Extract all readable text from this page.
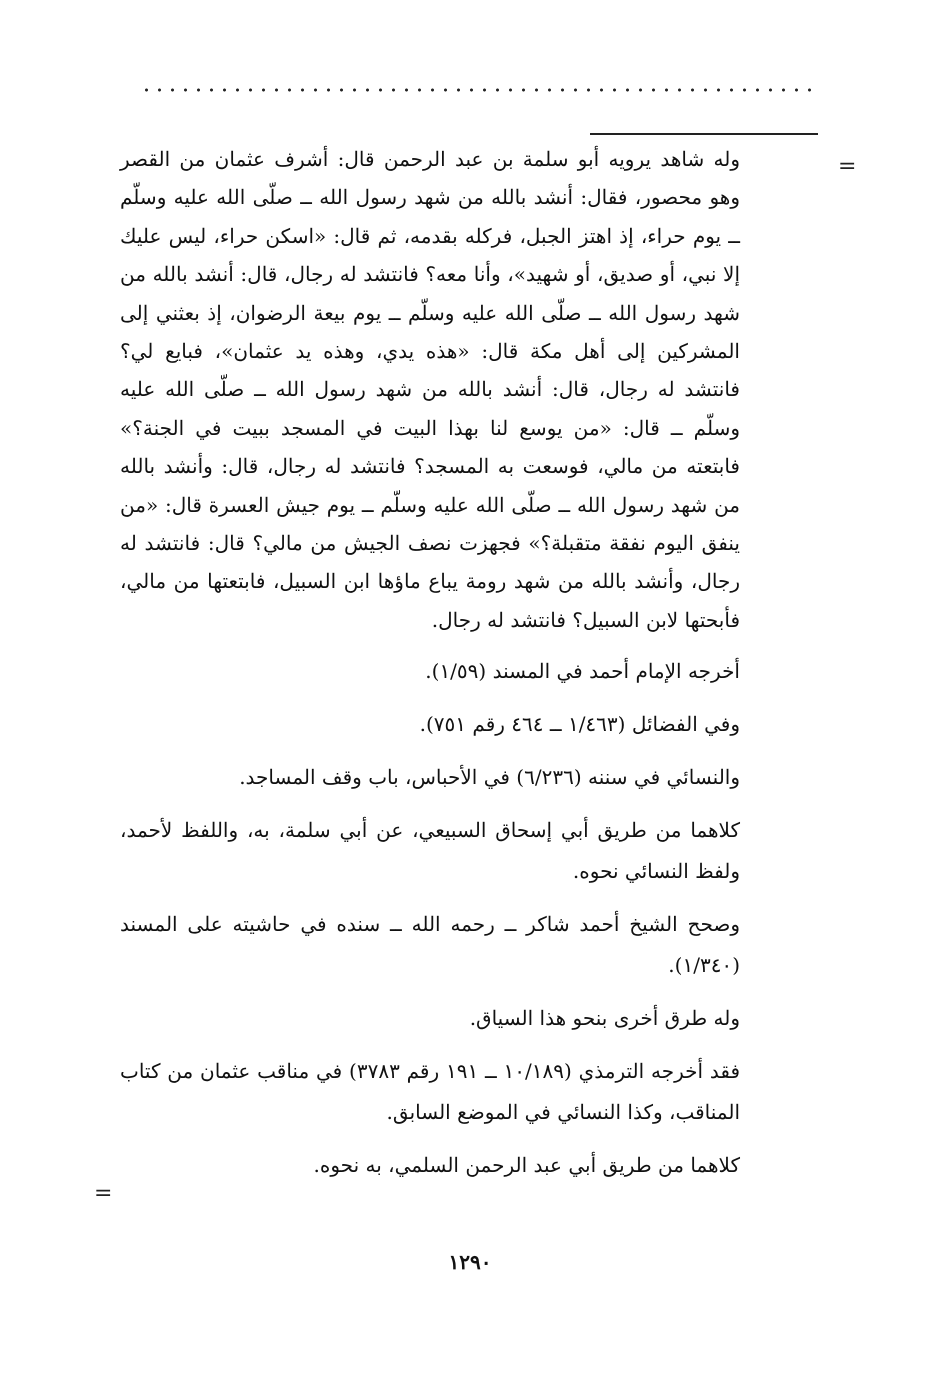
=

وله شاهد يرويه أبو سلمة بن عبد الرحمن قال: أشرف عثمان من القصر وهو محصور، فقال: أنشد بالله من شهد رسول الله ــ صلّى الله عليه وسلّم ــ يوم حراء، إذ اهتز الجبل، فركله بقدمه، ثم قال: «اسكن حراء، ليس عليك إلا نبي، أو صديق، أو شهيد»، وأنا معه؟ فانتشد له رجال، قال: أنشد بالله من شهد رسول الله ــ صلّى الله عليه وسلّم ــ يوم بيعة الرضوان، إذ بعثني إلى المشركين إلى أهل مكة قال: «هذه يدي، وهذه يد عثمان»، فبايع لي؟ فانتشد له رجال، قال: أنشد بالله من شهد رسول الله ــ صلّى الله عليه وسلّم ــ قال: «من يوسع لنا بهذا البيت في المسجد ببيت في الجنة؟» فابتعته من مالي، فوسعت به المسجد؟ فانتشد له رجال، قال: وأنشد بالله من شهد رسول الله ــ صلّى الله عليه وسلّم ــ يوم جيش العسرة قال: «من ينفق اليوم نفقة متقبلة؟» فجهزت نصف الجيش من مالي؟ قال: فانتشد له رجال، وأنشد بالله من شهد رومة يباع ماؤها ابن السبيل، فابتعتها من مالي، فأبحتها لابن السبيل؟ فانتشد له رجال.

أخرجه الإمام أحمد في المسند (١/٥٩).

وفي الفضائل (١/٤٦٣ ــ ٤٦٤ رقم ٧٥١).

والنسائي في سننه (٦/٢٣٦) في الأحباس، باب وقف المساجد.

كلاهما من طريق أبي إسحاق السبيعي، عن أبي سلمة، به، واللفظ لأحمد، ولفظ النسائي نحوه.

وصحح الشيخ أحمد شاكر ــ رحمه الله ــ سنده في حاشيته على المسند (١/٣٤٠).

وله طرق أخرى بنحو هذا السياق.

فقد أخرجه الترمذي (١٠/١٨٩ ــ ١٩١ رقم ٣٧٨٣) في مناقب عثمان من كتاب المناقب، وكذا النسائي في الموضع السابق.

كلاهما من طريق أبي عبد الرحمن السلمي، به نحوه.

=
١٢٩٠
